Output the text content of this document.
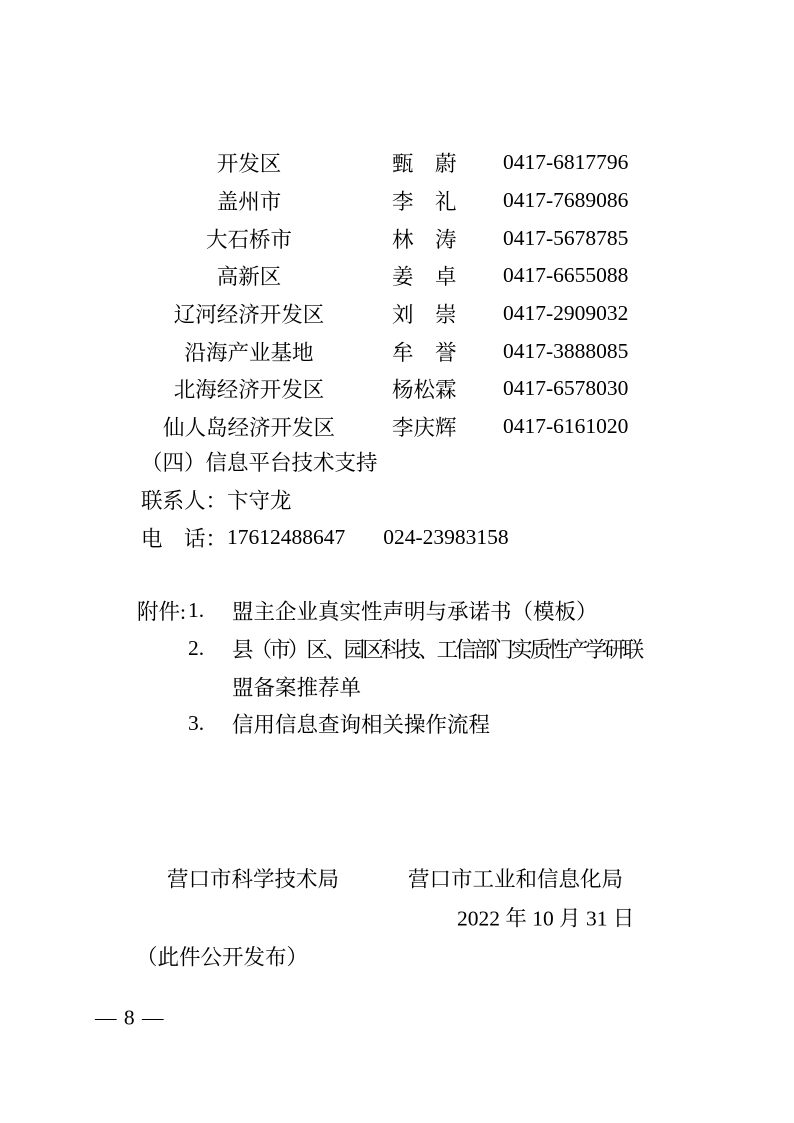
开发区	甄　蔚 0417-6817796
盖州市	李　礼 0417-7689086
大石桥市	林　涛 0417-5678785
高新区	姜　卓 0417-6655088
辽河经济开发区	刘　崇 0417-2909032
沿海产业基地	牟　誉 0417-3888085
北海经济开发区	杨松霖 0417-6578030
仙人岛经济开发区	李庆辉 0417-6161020
（四）信息平台技术支持
联系人：卞守龙
电　话： 17612488647 024-23983158
附件: 1.	盟主企业真实性声明与承诺书（模板）
2.	县（市）区、园区科技、工信部门实质性产学研联
盟备案推荐单
3.	信用信息查询相关操作流程
营口市科学技术局	营口市工业和信息化局
2022 年 10 月 31 日
（此件公开发布）
— 8 —
